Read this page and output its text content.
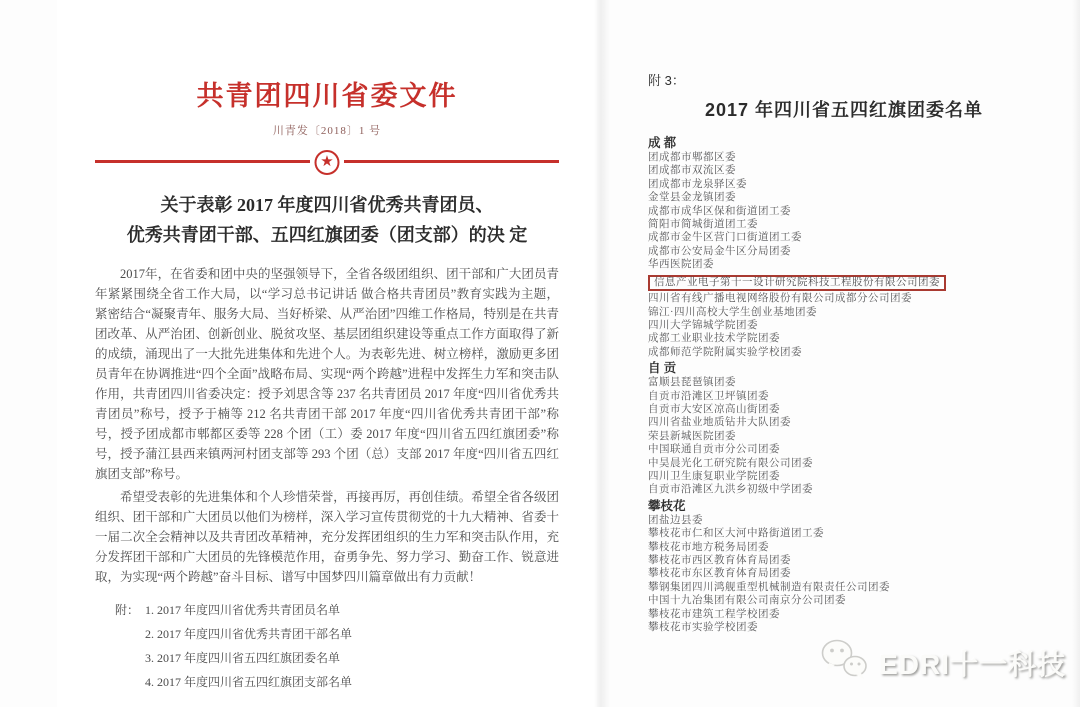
共青团四川省委文件
川青发〔2018〕1 号
★
关于表彰 2017 年度四川省优秀共青团员、
优秀共青团干部、五四红旗团委（团支部）的决 定

2017年，在省委和团中央的坚强领导下，全省各级团组织、团干部和广大团员青年紧紧围绕全省工作大局，以“学习总书记讲话 做合格共青团员”教育实践为主题，紧密结合“凝聚青年、服务大局、当好桥梁、从严治团”四维工作格局，特别是在共青团改革、从严治团、创新创业、脱贫攻坚、基层团组织建设等重点工作方面取得了新的成绩，涌现出了一大批先进集体和先进个人。为表彰先进、树立榜样，激励更多团员青年在协调推进“四个全面”战略布局、实现“两个跨越”进程中发挥生力军和突击队作用，共青团四川省委决定：授予刘思含等 237 名共青团员 2017 年度“四川省优秀共青团员”称号，授予于楠等 212 名共青团干部 2017 年度“四川省优秀共青团干部”称号，授予团成都市郫都区委等 228 个团（工）委 2017 年度“四川省五四红旗团委”称号，授予蒲江县西来镇两河村团支部等 293 个团（总）支部 2017 年度“四川省五四红旗团支部”称号。

希望受表彰的先进集体和个人珍惜荣誉，再接再厉，再创佳绩。希望全省各级团组织、团干部和广大团员以他们为榜样，深入学习宣传贯彻党的十九大精神、省委十一届二次全会精神以及共青团改革精神，充分发挥团组织的生力军和突击队作用，充分发挥团干部和广大团员的先锋模范作用，奋勇争先、努力学习、勤奋工作、锐意进取，为实现“两个跨越”奋斗目标、谱写中国梦四川篇章做出有力贡献！

附： 1. 2017 年度四川省优秀共青团员名单
2. 2017 年度四川省优秀共青团干部名单
3. 2017 年度四川省五四红旗团委名单
4. 2017 年度四川省五四红旗团支部名单
附 3：
2017 年四川省五四红旗团委名单
成 都
团成都市郫都区委
团成都市双流区委
团成都市龙泉驿区委
金堂县金龙镇团委
成都市成华区保和街道团工委
简阳市简城街道团工委
成都市金牛区营门口街道团工委
成都市公安局金牛区分局团委
华西医院团委
信息产业电子第十一设计研究院科技工程股份有限公司团委
四川省有线广播电视网络股份有限公司成都分公司团委
锦江·四川高校大学生创业基地团委
四川大学锦城学院团委
成都工业职业技术学院团委
成都师范学院附属实验学校团委
自 贡
富顺县琵琶镇团委
自贡市沿滩区卫坪镇团委
自贡市大安区凉高山街团委
四川省盐业地质钻井大队团委
荣县新城医院团委
中国联通自贡市分公司团委
中昊晨光化工研究院有限公司团委
四川卫生康复职业学院团委
自贡市沿滩区九洪乡初级中学团委
攀枝花
团盐边县委
攀枝花市仁和区大河中路街道团工委
攀枝花市地方税务局团委
攀枝花市西区教育体育局团委
攀枝花市东区教育体育局团委
攀钢集团四川鸿舰重型机械制造有限责任公司团委
中国十九冶集团有限公司南京分公司团委
攀枝花市建筑工程学校团委
攀枝花市实验学校团委
EDRI十一科技
